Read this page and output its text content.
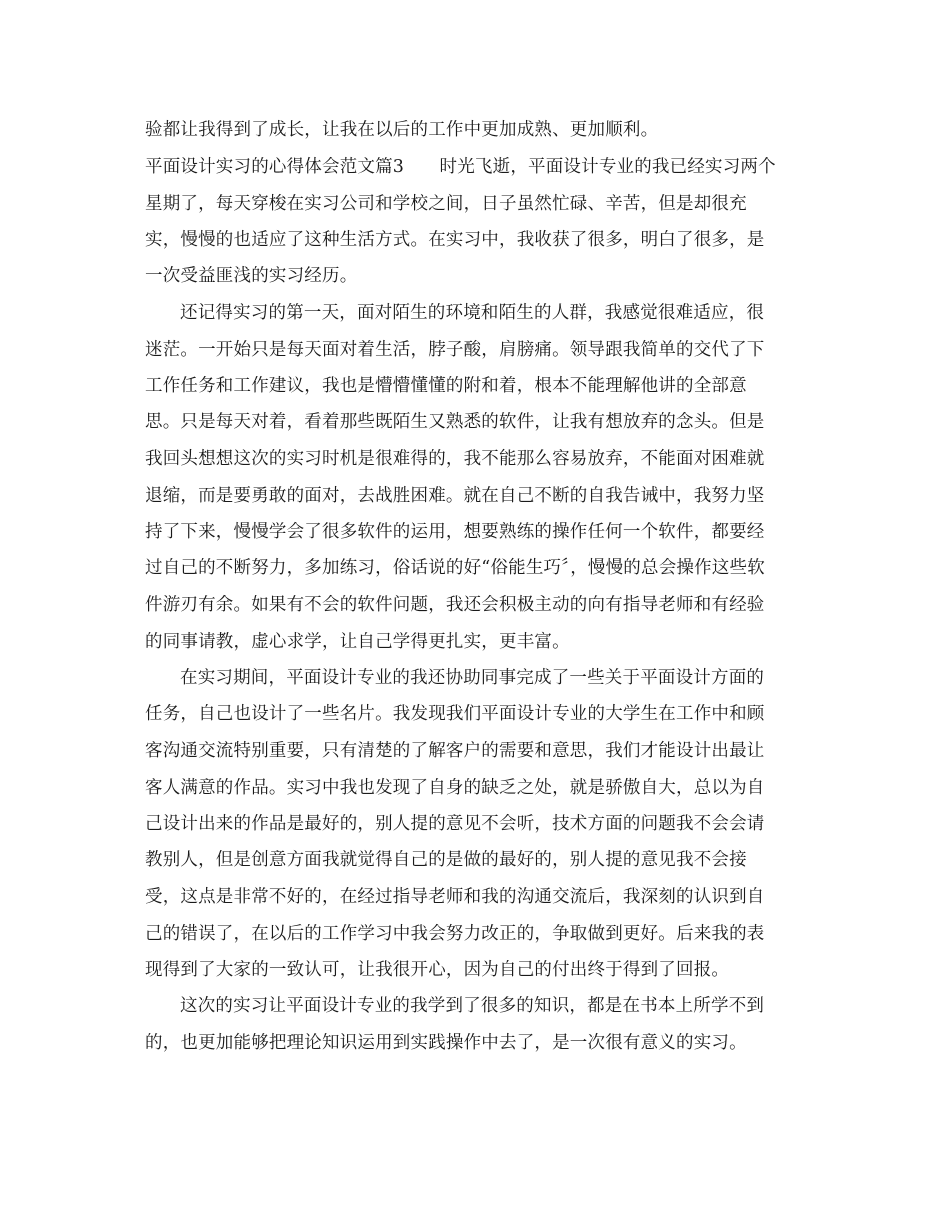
验都让我得到了成长，让我在以后的工作中更加成熟、更加顺利。
平面设计实习的心得体会范文篇3　　时光飞逝，平面设计专业的我已经实习两个
星期了，每天穿梭在实习公司和学校之间，日子虽然忙碌、辛苦，但是却很充
实，慢慢的也适应了这种生活方式。在实习中，我收获了很多，明白了很多，是
一次受益匪浅的实习经历。
还记得实习的第一天，面对陌生的环境和陌生的人群，我感觉很难适应，很
迷茫。一开始只是每天面对着生活，脖子酸，肩膀痛。领导跟我简单的交代了下
工作任务和工作建议，我也是懵懵懂懂的附和着，根本不能理解他讲的全部意
思。只是每天对着，看着那些既陌生又熟悉的软件，让我有想放弃的念头。但是
我回头想想这次的实习时机是很难得的，我不能那么容易放弃，不能面对困难就
退缩，而是要勇敢的面对，去战胜困难。就在自己不断的自我告诫中，我努力坚
持了下来，慢慢学会了很多软件的运用，想要熟练的操作任何一个软件，都要经
过自己的不断努力，多加练习，俗话说的好“俗能生巧〞，慢慢的总会操作这些软
件游刃有余。如果有不会的软件问题，我还会积极主动的向有指导老师和有经验
的同事请教，虚心求学，让自己学得更扎实，更丰富。
在实习期间，平面设计专业的我还协助同事完成了一些关于平面设计方面的
任务，自己也设计了一些名片。我发现我们平面设计专业的大学生在工作中和顾
客沟通交流特别重要，只有清楚的了解客户的需要和意思，我们才能设计出最让
客人满意的作品。实习中我也发现了自身的缺乏之处，就是骄傲自大，总以为自
己设计出来的作品是最好的，别人提的意见不会听，技术方面的问题我不会会请
教别人，但是创意方面我就觉得自己的是做的最好的，别人提的意见我不会接
受，这点是非常不好的，在经过指导老师和我的沟通交流后，我深刻的认识到自
己的错误了，在以后的工作学习中我会努力改正的，争取做到更好。后来我的表
现得到了大家的一致认可，让我很开心，因为自己的付出终于得到了回报。
这次的实习让平面设计专业的我学到了很多的知识，都是在书本上所学不到
的，也更加能够把理论知识运用到实践操作中去了，是一次很有意义的实习。
